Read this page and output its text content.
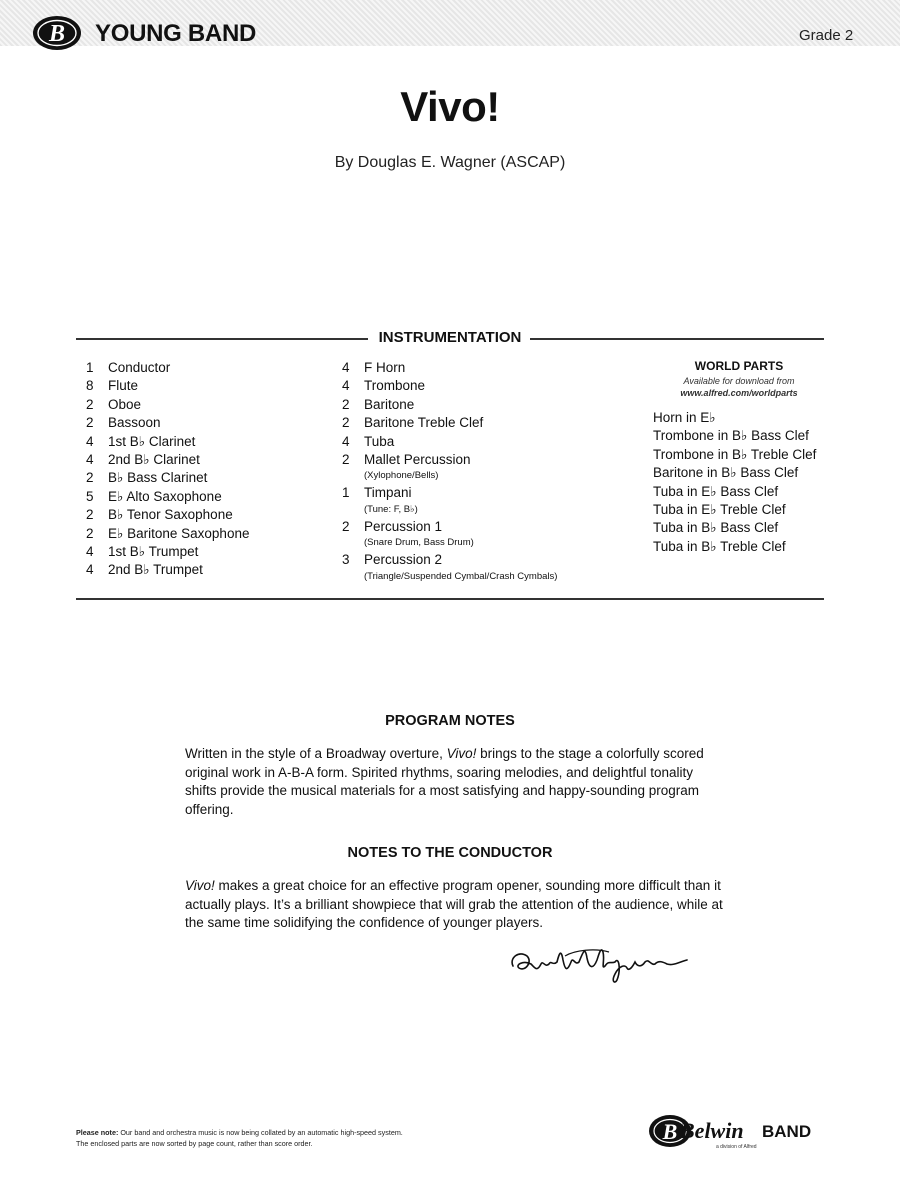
B YOUNG BAND	Grade 2
Vivo!
By Douglas E. Wagner (ASCAP)
INSTRUMENTATION
1	Conductor
8	Flute
2	Oboe
2	Bassoon
4	1st B♭ Clarinet
4	2nd B♭ Clarinet
2	B♭ Bass Clarinet
5	E♭ Alto Saxophone
2	B♭ Tenor Saxophone
2	E♭ Baritone Saxophone
4	1st B♭ Trumpet
4	2nd B♭ Trumpet
4	F Horn
4	Trombone
2	Baritone
2	Baritone Treble Clef
4	Tuba
2	Mallet Percussion
(Xylophone/Bells)
1	Timpani
(Tune: F, B♭)
2	Percussion 1
(Snare Drum, Bass Drum)
3	Percussion 2
(Triangle/Suspended Cymbal/Crash Cymbals)
WORLD PARTS
Available for download from
www.alfred.com/worldparts
Horn in E♭
Trombone in B♭ Bass Clef
Trombone in B♭ Treble Clef
Baritone in B♭ Bass Clef
Tuba in E♭ Bass Clef
Tuba in E♭ Treble Clef
Tuba in B♭ Bass Clef
Tuba in B♭ Treble Clef
PROGRAM NOTES
Written in the style of a Broadway overture, Vivo! brings to the stage a colorfully scored original work in A-B-A form. Spirited rhythms, soaring melodies, and delightful tonality shifts provide the musical materials for a most satisfying and happy-sounding program offering.
NOTES TO THE CONDUCTOR
Vivo! makes a great choice for an effective program opener, sounding more difficult than it actually plays. It’s a brilliant showpiece that will grab the attention of the audience, while at the same time solidifying the confidence of younger players.
Please note: Our band and orchestra music is now being collated by an automatic high-speed system.
The enclosed parts are now sorted by page count, rather than score order.	B Belwin BAND
a division of Alfred
